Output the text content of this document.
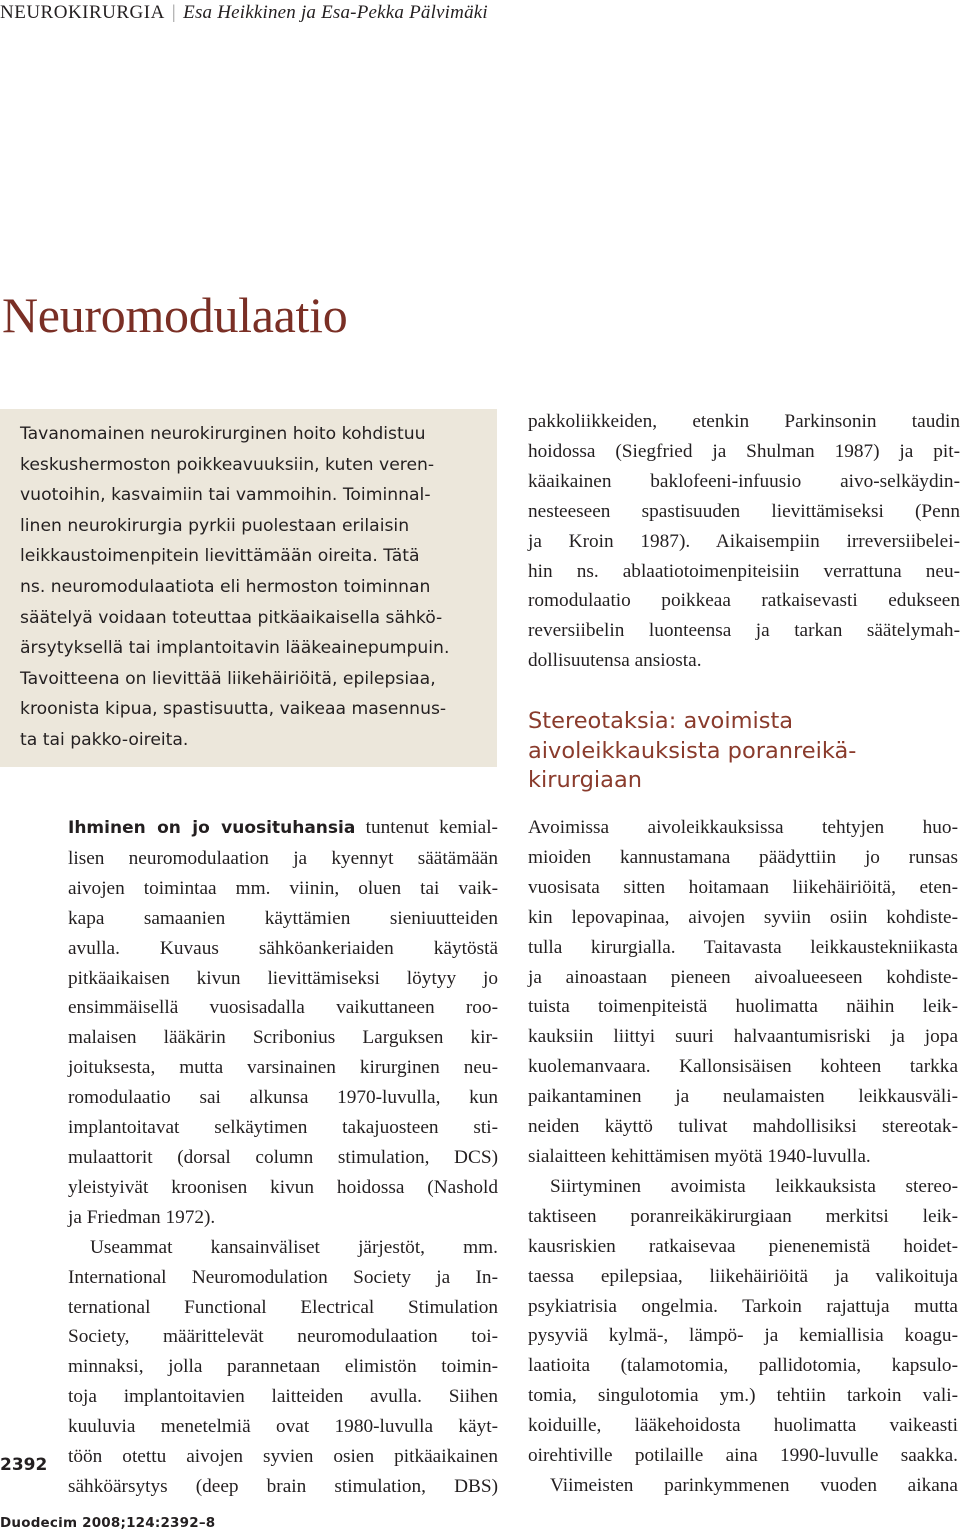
NEUROKIRURGIA | Esa Heikkinen ja Esa-Pekka Pälvimäki
Neuromodulaatio

Tavanomainen neurokirurginen hoito kohdistuu
keskushermoston poikkeavuuksiin, kuten veren-
vuotoihin, kasvaimiin tai vammoihin. Toiminnal-
linen neurokirurgia pyrkii puolestaan erilaisin
leikkaustoimenpitein lievittämään oireita. Tätä
ns. neuromodulaatiota eli hermoston toiminnan
säätelyä voidaan toteuttaa pitkäaikaisella sähkö-
ärsytyksellä tai implantoitavin lääkeainepumpuin.
Tavoitteena on lievittää liikehäiriöitä, epilepsiaa,
kroonista kipua, spastisuutta, vaikeaa masennus-
ta tai pakko-oireita.

Ihminen on jo vuosituhansia tuntenut kemial-
lisen neuromodulaation ja kyennyt säätämään
aivojen toimintaa mm. viinin, oluen tai vaik-
kapa samaanien käyttämien sieniuutteiden
avulla. Kuvaus sähköankeriaiden käytöstä
pitkäaikaisen kivun lievittämiseksi löytyy jo
ensimmäisellä vuosisadalla vaikuttaneen roo-
malaisen lääkärin Scribonius Larguksen kir-
joituksesta, mutta varsinainen kirurginen neu-
romodulaatio sai alkunsa 1970-luvulla, kun
implantoitavat selkäytimen takajuosteen sti-
mulaattorit (dorsal column stimulation, DCS)
yleistyivät kroonisen kivun hoidossa (Nashold
ja Friedman 1972).
Useammat kansainväliset järjestöt, mm.
International Neuromodulation Society ja In-
ternational Functional Electrical Stimulation
Society, määrittelevät neuromodulaation toi-
minnaksi, jolla parannetaan elimistön toimin-
toja implantoitavien laitteiden avulla. Siihen
kuuluvia menetelmiä ovat 1980-luvulla käyt-
töön otettu aivojen syvien osien pitkäaikainen
sähköärsytys (deep brain stimulation, DBS)
pakkoliikkeiden, etenkin Parkinsonin taudin
hoidossa (Siegfried ja Shulman 1987) ja pit-
käaikainen baklofeeni-infuusio aivo-selkäydin-
nesteeseen spastisuuden lievittämiseksi (Penn
ja Kroin 1987). Aikaisempiin irreversiibelei-
hin ns. ablaatiotoimenpiteisiin verrattuna neu-
romodulaatio poikkeaa ratkaisevasti edukseen
reversiibelin luonteensa ja tarkan säätelymah-
dollisuutensa ansiosta.
Stereotaksia: avoimista
aivoleikkauksista poranreikä-
kirurgiaan
Avoimissa aivoleikkauksissa tehtyjen huo-
mioiden kannustamana päädyttiin jo runsas
vuosisata sitten hoitamaan liikehäiriöitä, eten-
kin lepovapinaa, aivojen syviin osiin kohdiste-
tulla kirurgialla. Taitavasta leikkaustekniikasta
ja ainoastaan pieneen aivoalueeseen kohdiste-
tuista toimenpiteistä huolimatta näihin leik-
kauksiin liittyi suuri halvaantumisriski ja jopa
kuolemanvaara. Kallonsisäisen kohteen tarkka
paikantaminen ja neulamaisten leikkausväli-
neiden käyttö tulivat mahdollisiksi stereotak-
sialaitteen kehittämisen myötä 1940-luvulla.
Siirtyminen avoimista leikkauksista stereo-
taktiseen poranreikäkirurgiaan merkitsi leik-
kausriskien ratkaisevaa pienenemistä hoidet-
taessa epilepsiaa, liikehäiriöitä ja valikoituja
psykiatrisia ongelmia. Tarkoin rajattuja mutta
pysyviä kylmä-, lämpö- ja kemiallisia koagu-
laatioita (talamotomia, pallidotomia, kapsulo-
tomia, singulotomia ym.) tehtiin tarkoin vali-
koiduille, lääkehoidosta huolimatta vaikeasti
oirehtiville potilaille aina 1990-luvulle saakka.
Viimeisten parinkymmenen vuoden aikana
2392
Duodecim 2008;124:2392–8
